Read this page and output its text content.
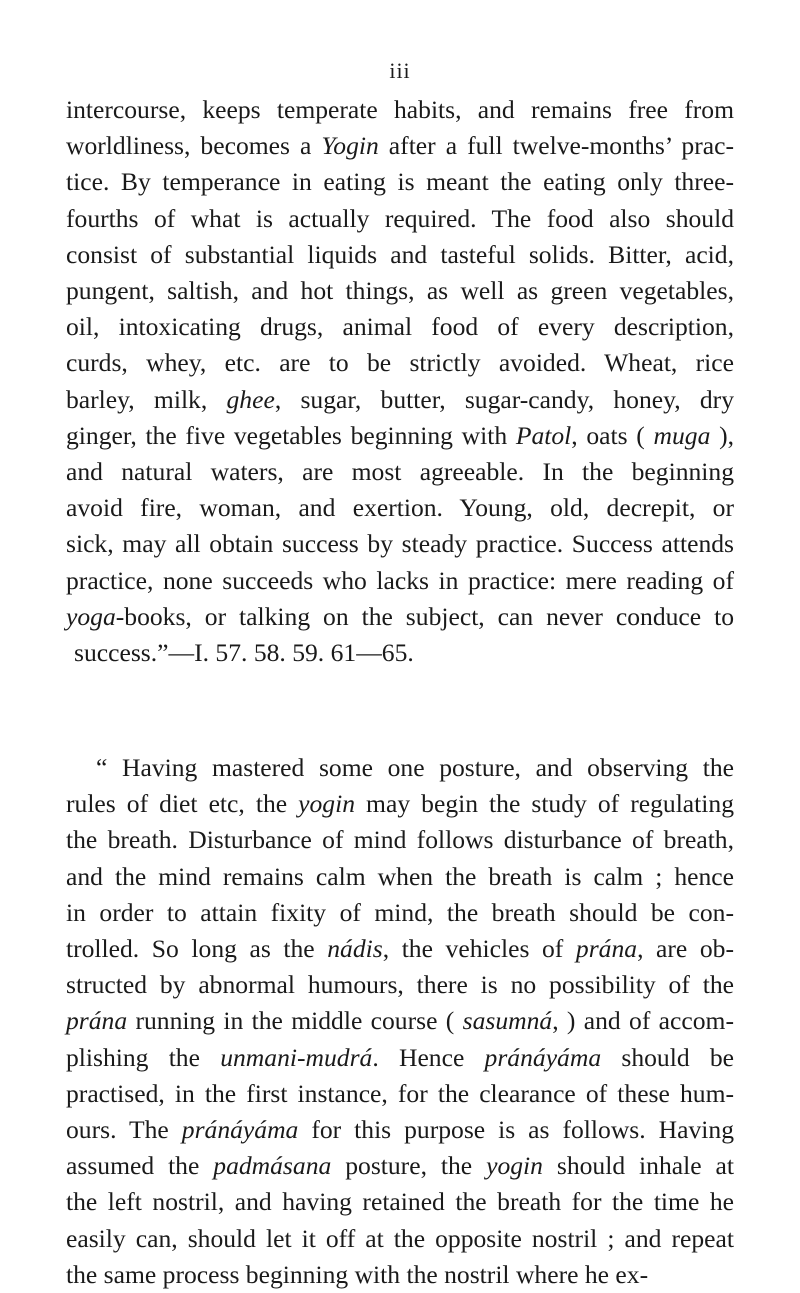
iii
intercourse, keeps temperate habits, and remains free from
worldliness, becomes a Yogin after a full twelve-months’ prac-
tice. By temperance in eating is meant the eating only three-
fourths of what is actually required. The food also should
consist of substantial liquids and tasteful solids. Bitter, acid,
pungent, saltish, and hot things, as well as green vegetables,
oil, intoxicating drugs, animal food of every description,
curds, whey, etc. are to be strictly avoided. Wheat, rice
barley, milk, ghee, sugar, butter, sugar-candy, honey, dry
ginger, the five vegetables beginning with Patol, oats ( muga ),
and natural waters, are most agreeable. In the beginning
avoid fire, woman, and exertion. Young, old, decrepit, or
sick, may all obtain success by steady practice. Success attends
practice, none succeeds who lacks in practice: mere reading of
yoga-books, or talking on the subject, can never conduce to
success.”—I. 57. 58. 59. 61—65.
“ Having mastered some one posture, and observing the
rules of diet etc, the yogin may begin the study of regulating
the breath. Disturbance of mind follows disturbance of breath,
and the mind remains calm when the breath is calm ; hence
in order to attain fixity of mind, the breath should be con-
trolled. So long as the nádis, the vehicles of prána, are ob-
structed by abnormal humours, there is no possibility of the
prána running in the middle course ( sasumná, ) and of accom-
plishing the unmani-mudrá. Hence pránáyáma should be
practised, in the first instance, for the clearance of these hum-
ours. The pránáyáma for this purpose is as follows. Having
assumed the padmásana posture, the yogin should inhale at
the left nostril, and having retained the breath for the time he
easily can, should let it off at the opposite nostril ; and repeat
the same process beginning with the nostril where he ex-
